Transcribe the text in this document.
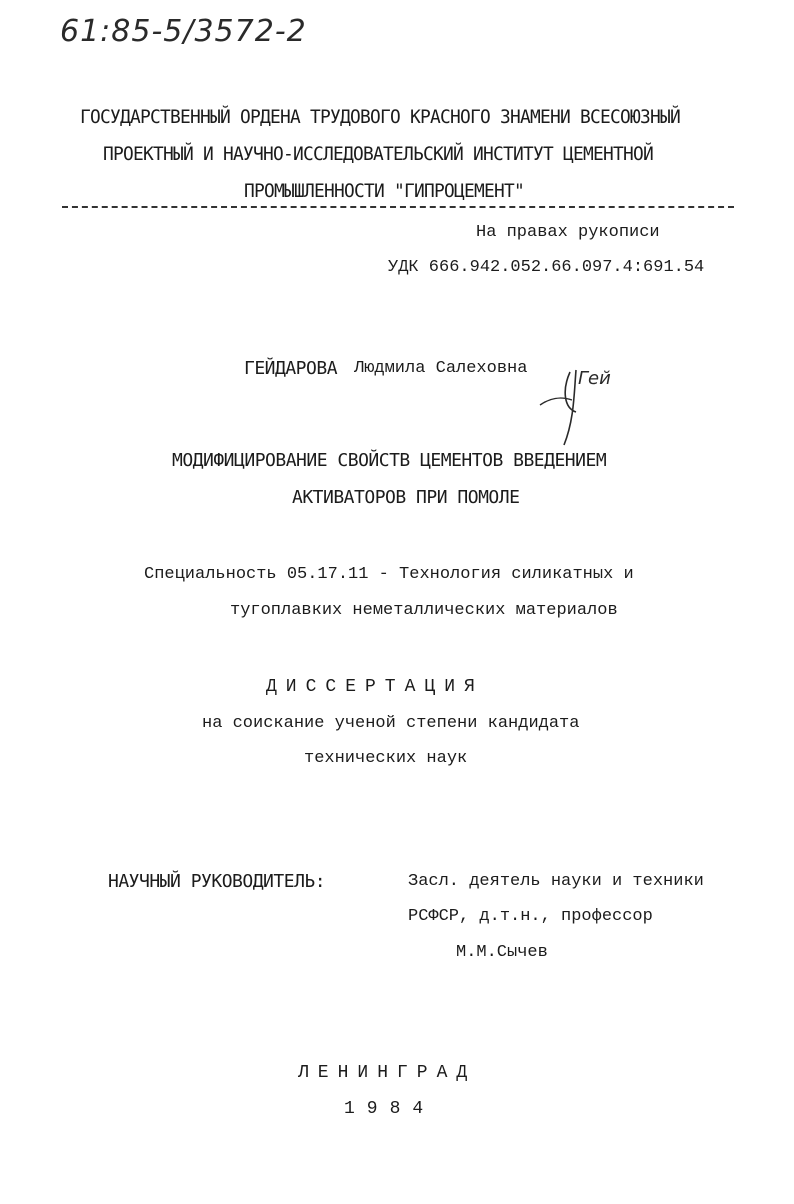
61:85-5/3572-2
ГОСУДАРСТВЕННЫЙ ОРДЕНА ТРУДОВОГО КРАСНОГО ЗНАМЕНИ ВСЕСОЮЗНЫЙ
ПРОЕКТНЫЙ И НАУЧНО-ИССЛЕДОВАТЕЛЬСКИЙ ИНСТИТУТ ЦЕМЕНТНОЙ
ПРОМЫШЛЕННОСТИ "ГИПРОЦЕМЕНТ"
На правах рукописи
УДК 666.942.052.66.097.4:691.54
ГЕЙДАРОВА Людмила Салеховна	Гей
МОДИФИЦИРОВАНИЕ СВОЙСТВ ЦЕМЕНТОВ ВВЕДЕНИЕМ
АКТИВАТОРОВ ПРИ ПОМОЛЕ
Специальность 05.17.11 - Технология силикатных и
тугоплавких неметаллических материалов
ДИССЕРТАЦИЯ
на соискание ученой степени кандидата
технических наук
НАУЧНЫЙ РУКОВОДИТЕЛЬ:	Засл. деятель науки и техники
РСФСР, д.т.н., профессор
М.М.Сычев
ЛЕНИНГРАД
1984
